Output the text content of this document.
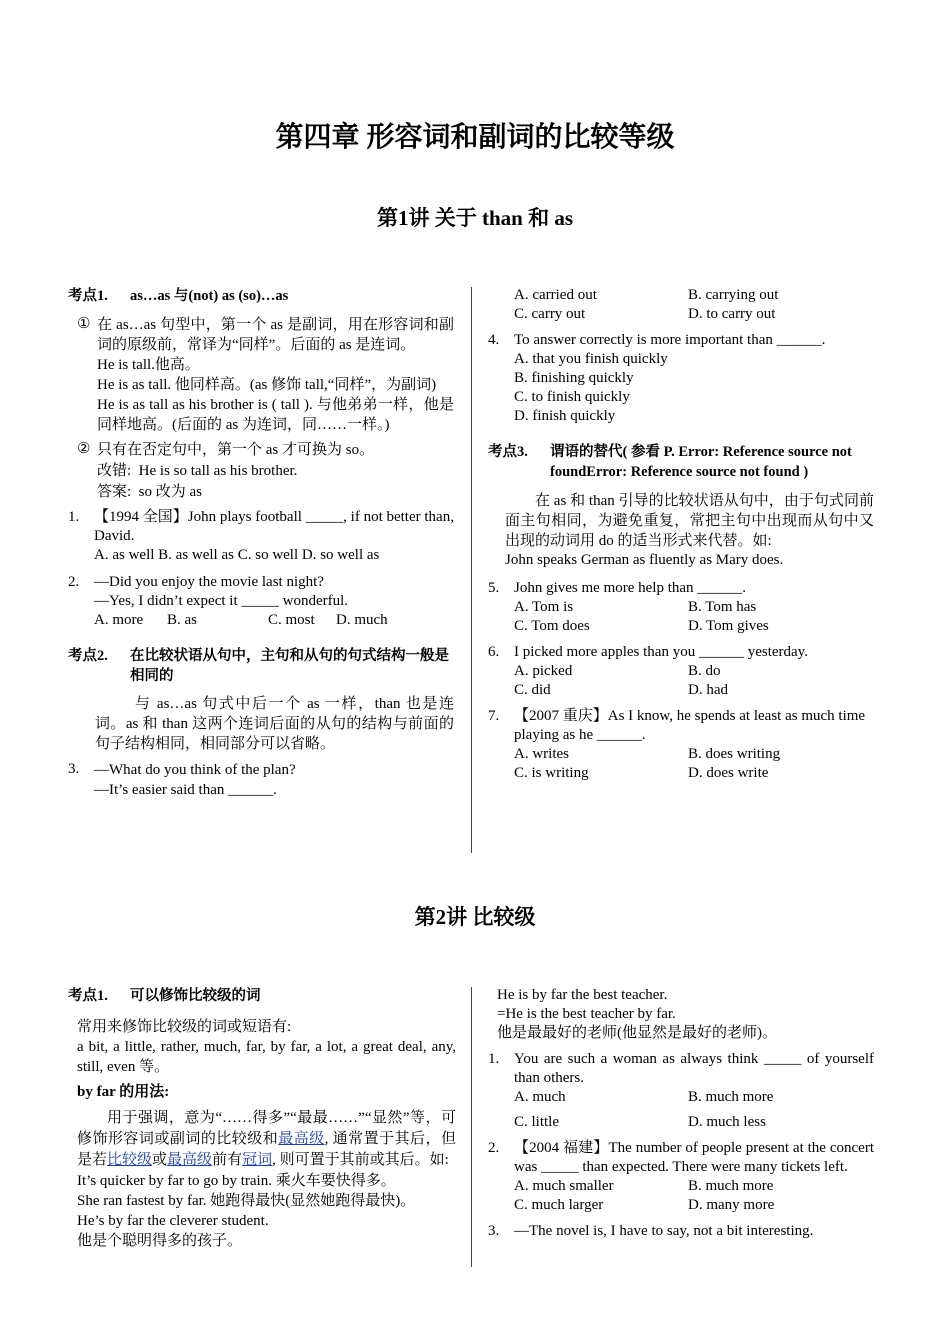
第四章 形容词和副词的比较等级
第1讲 关于 than 和 as
考点1.	as…as 与(not) as (so)…as
① 在 as…as 句型中，第一个 as 是副词，用在形容词和副词的原级前，常译为“同样”。后面的 as 是连词。
He is tall.他高。
He is as tall. 他同样高。(as 修饰 tall,“同样”，为副词)
He is as tall as his brother is ( tall ). 与他弟弟一样，他是同样地高。(后面的 as 为连词，同……一样。)
② 只有在否定句中，第一个 as 才可换为 so。
改错: He is so tall as his brother.
答案: so 改为 as
1. 【1994 全国】John plays football _____, if not better than, David.
A. as well B. as well as C. so well D. so well as
2. —Did you enjoy the movie last night?
—Yes, I didn’t expect it _____ wonderful.
A. more	B. as	C. most	D. much
考点2.	在比较状语从句中，主句和从句的句式结构一般是相同的
与 as…as 句式中后一个 as 一样，than 也是连词。as 和 than 这两个连词后面的从句的结构与前面的句子结构相同，相同部分可以省略。
3. —What do you think of the plan?
—It’s easier said than ______.
A. carried out	B. carrying out
C. carry out	D. to carry out
4. To answer correctly is more important than ______.
A. that you finish quickly
B. finishing quickly
C. to finish quickly
D. finish quickly
考点3.	谓语的替代( 参看 P. Error: Reference source not foundError: Reference source not found )
在 as 和 than 引导的比较状语从句中，由于句式同前面主句相同，为避免重复，常把主句中出现而从句中又出现的动词用 do 的适当形式来代替。如:
John speaks German as fluently as Mary does.
5. John gives me more help than ______.
A. Tom is	B. Tom has
C. Tom does	D. Tom gives
6. I picked more apples than you ______ yesterday.
A. picked	B. do
C. did	D. had
7. 【2007 重庆】As I know, he spends at least as much time playing as he ______.
A. writes	B. does writing
C. is writing	D. does write
第2讲 比较级
考点1.	可以修饰比较级的词
常用来修饰比较级的词或短语有:
a bit, a little, rather, much, far, by far, a lot, a great deal, any, still, even 等。
by far 的用法:
用于强调，意为“……得多”“最最……”“显然”等，可修饰形容词或副词的比较级和最高级, 通常置于其后，但是若比较级或最高级前有冠词, 则可置于其前或其后。如:
It’s quicker by far to go by train. 乘火车要快得多。
She ran fastest by far. 她跑得最快(显然她跑得最快)。
He’s by far the cleverer student.
他是个聪明得多的孩子。
He is by far the best teacher.
=He is the best teacher by far.
他是最最好的老师(他显然是最好的老师)。
1. You are such a woman as always think _____ of yourself than others.
A. much	B. much more
C. little	D. much less
2. 【2004 福建】The number of people present at the concert was _____ than expected. There were many tickets left.
A. much smaller	B. much more
C. much larger	D. many more
3. —The novel is, I have to say, not a bit interesting.
